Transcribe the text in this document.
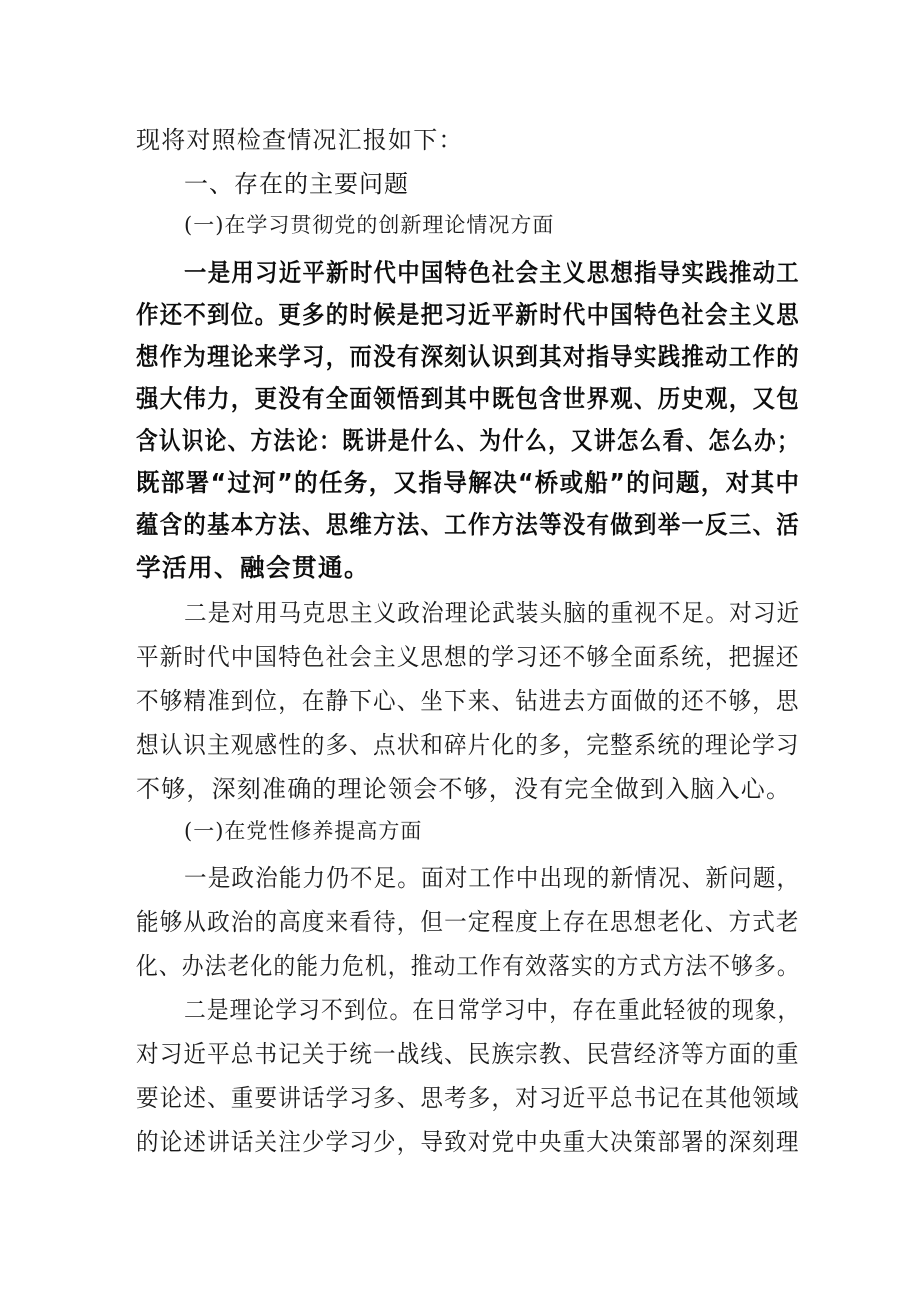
现将对照检查情况汇报如下：

一、存在的主要问题

(一)在学习贯彻党的创新理论情况方面

一是用习近平新时代中国特色社会主义思想指导实践推动工

作还不到位。更多的时候是把习近平新时代中国特色社会主义思

想作为理论来学习，而没有深刻认识到其对指导实践推动工作的

强大伟力，更没有全面领悟到其中既包含世界观、历史观，又包

含认识论、方法论：既讲是什么、为什么，又讲怎么看、怎么办；

既部署“过河”的任务，又指导解决“桥或船”的问题，对其中

蕴含的基本方法、思维方法、工作方法等没有做到举一反三、活

学活用、融会贯通。

二是对用马克思主义政治理论武装头脑的重视不足。对习近

平新时代中国特色社会主义思想的学习还不够全面系统，把握还

不够精准到位，在静下心、坐下来、钻进去方面做的还不够，思

想认识主观感性的多、点状和碎片化的多，完整系统的理论学习

不够，深刻准确的理论领会不够，没有完全做到入脑入心。

(一)在党性修养提高方面

一是政治能力仍不足。面对工作中出现的新情况、新问题，

能够从政治的高度来看待，但一定程度上存在思想老化、方式老

化、办法老化的能力危机，推动工作有效落实的方式方法不够多。

二是理论学习不到位。在日常学习中，存在重此轻彼的现象，

对习近平总书记关于统一战线、民族宗教、民营经济等方面的重

要论述、重要讲话学习多、思考多，对习近平总书记在其他领域

的论述讲话关注少学习少，导致对党中央重大决策部署的深刻理
